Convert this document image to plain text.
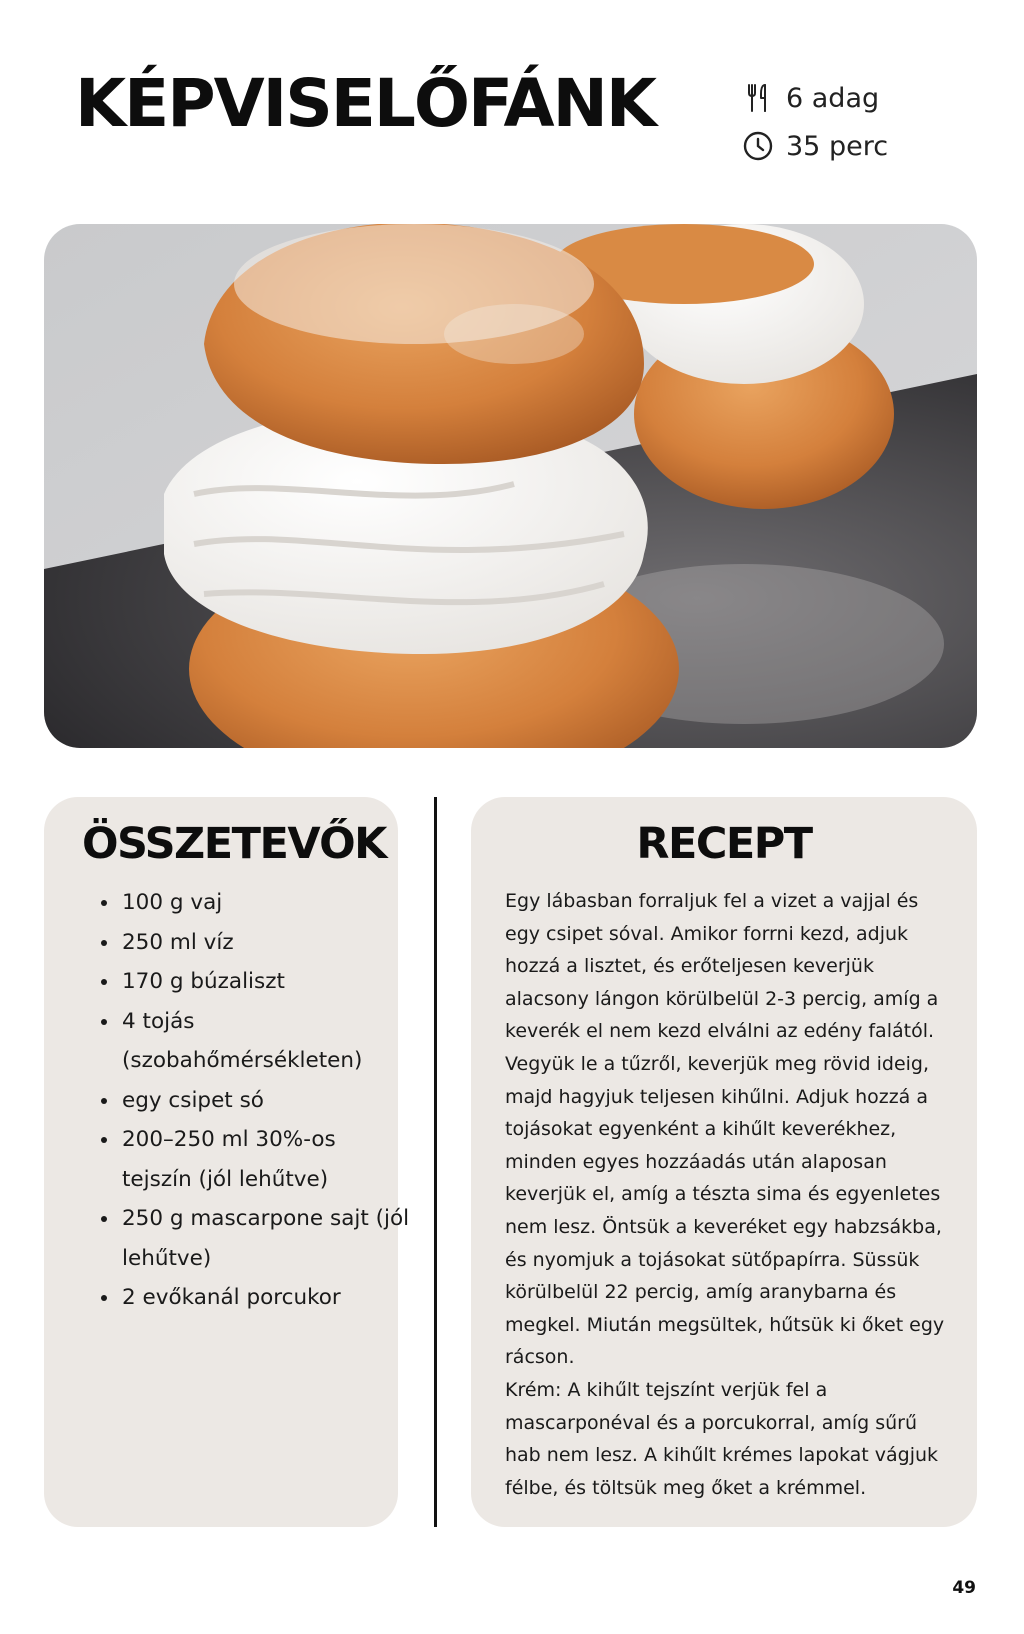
KÉPVISELŐFÁNK	6 adag
35 perc
ÖSSZETEVŐK
• 100 g vaj
• 250 ml víz
• 170 g búzaliszt
• 4 tojás (szobahőmérsékleten)
• egy csipet só
• 200–250 ml 30%-os tejszín (jól lehűtve)
• 250 g mascarpone sajt (jól lehűtve)
• 2 evőkanál porcukor
RECEPT

Egy lábasban forraljuk fel a vizet a vajjal és egy csipet sóval. Amikor forrni kezd, adjuk hozzá a lisztet, és erőteljesen keverjük alacsony lángon körülbelül 2-3 percig, amíg a keverék el nem kezd elválni az edény falától. Vegyük le a tűzről, keverjük meg rövid ideig, majd hagyjuk teljesen kihűlni. Adjuk hozzá a tojásokat egyenként a kihűlt keverékhez, minden egyes hozzáadás után alaposan keverjük el, amíg a tészta sima és egyenletes nem lesz. Öntsük a keveréket egy habzsákba, és nyomjuk a tojásokat sütőpapírra. Süssük körülbelül 22 percig, amíg aranybarna és megkel. Miután megsültek, hűtsük ki őket egy rácson.

Krém: A kihűlt tejszínt verjük fel a mascarponéval és a porcukorral, amíg sűrű hab nem lesz. A kihűlt krémes lapokat vágjuk félbe, és töltsük meg őket a krémmel.

49
